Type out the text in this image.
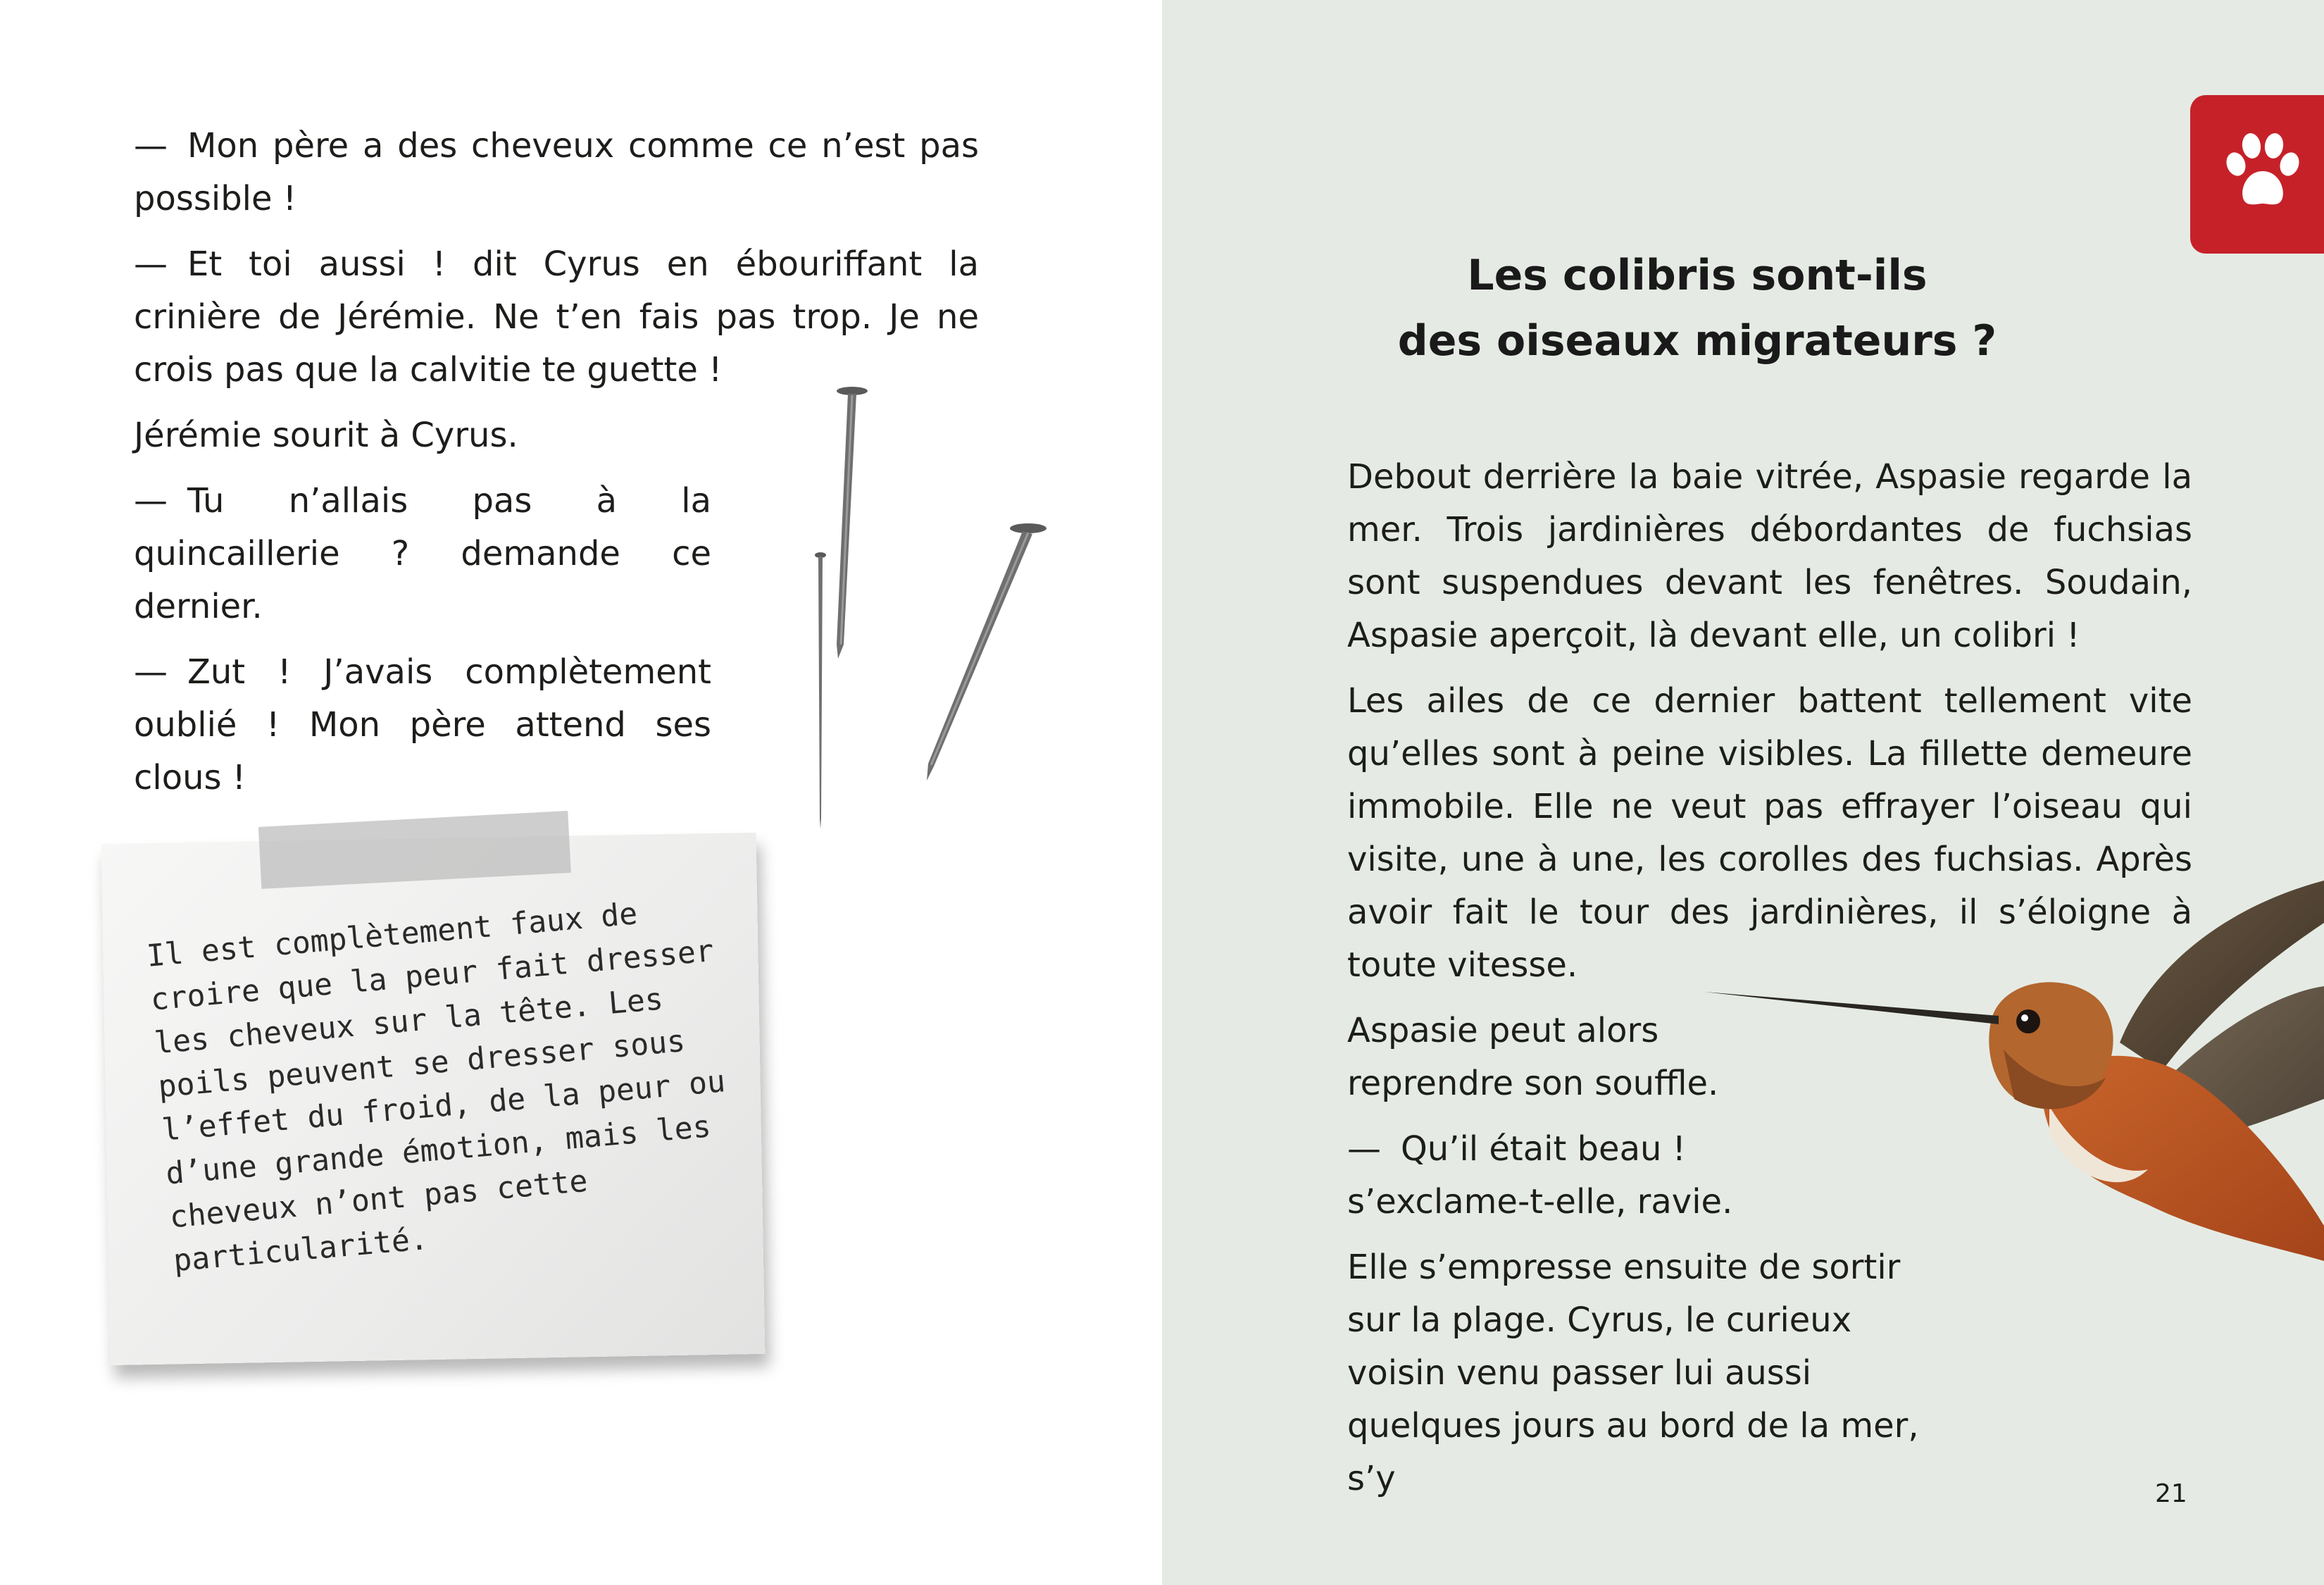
— Mon père a des cheveux comme ce n’est pas possible !

— Et toi aussi ! dit Cyrus en ébouriffant la crinière de Jérémie. Ne t’en fais pas trop. Je ne crois pas que la calvitie te guette !

Jérémie sourit à Cyrus.

— Tu n’allais pas à la quincaillerie ? demande ce dernier.

— Zut ! J’avais complètement oublié ! Mon père attend ses clous !

Il est complètement faux de croire que la peur fait dresser les cheveux sur la tête. Les poils peuvent se dresser sous l’effet du froid, de la peur ou d’une grande émotion, mais les cheveux n’ont pas cette particularité.

Les colibris sont-ils
des oiseaux migrateurs ?

Debout derrière la baie vitrée, Aspasie regarde la mer. Trois jardinières débordantes de fuchsias sont suspendues devant les fenêtres. Soudain, Aspasie aperçoit, là devant elle, un colibri !

Les ailes de ce dernier battent tellement vite qu’elles sont à peine visibles. La fillette demeure immobile. Elle ne veut pas effrayer l’oiseau qui visite, une à une, les corolles des fuchsias. Après avoir fait le tour des jardinières, il s’éloigne à toute vitesse.

Aspasie peut alors reprendre son souffle.

— Qu’il était beau ! s’exclame-t-elle, ravie.

Elle s’empresse ensuite de sortir sur la plage. Cyrus, le curieux voisin venu passer lui aussi quelques jours au bord de la mer, s’y	21
